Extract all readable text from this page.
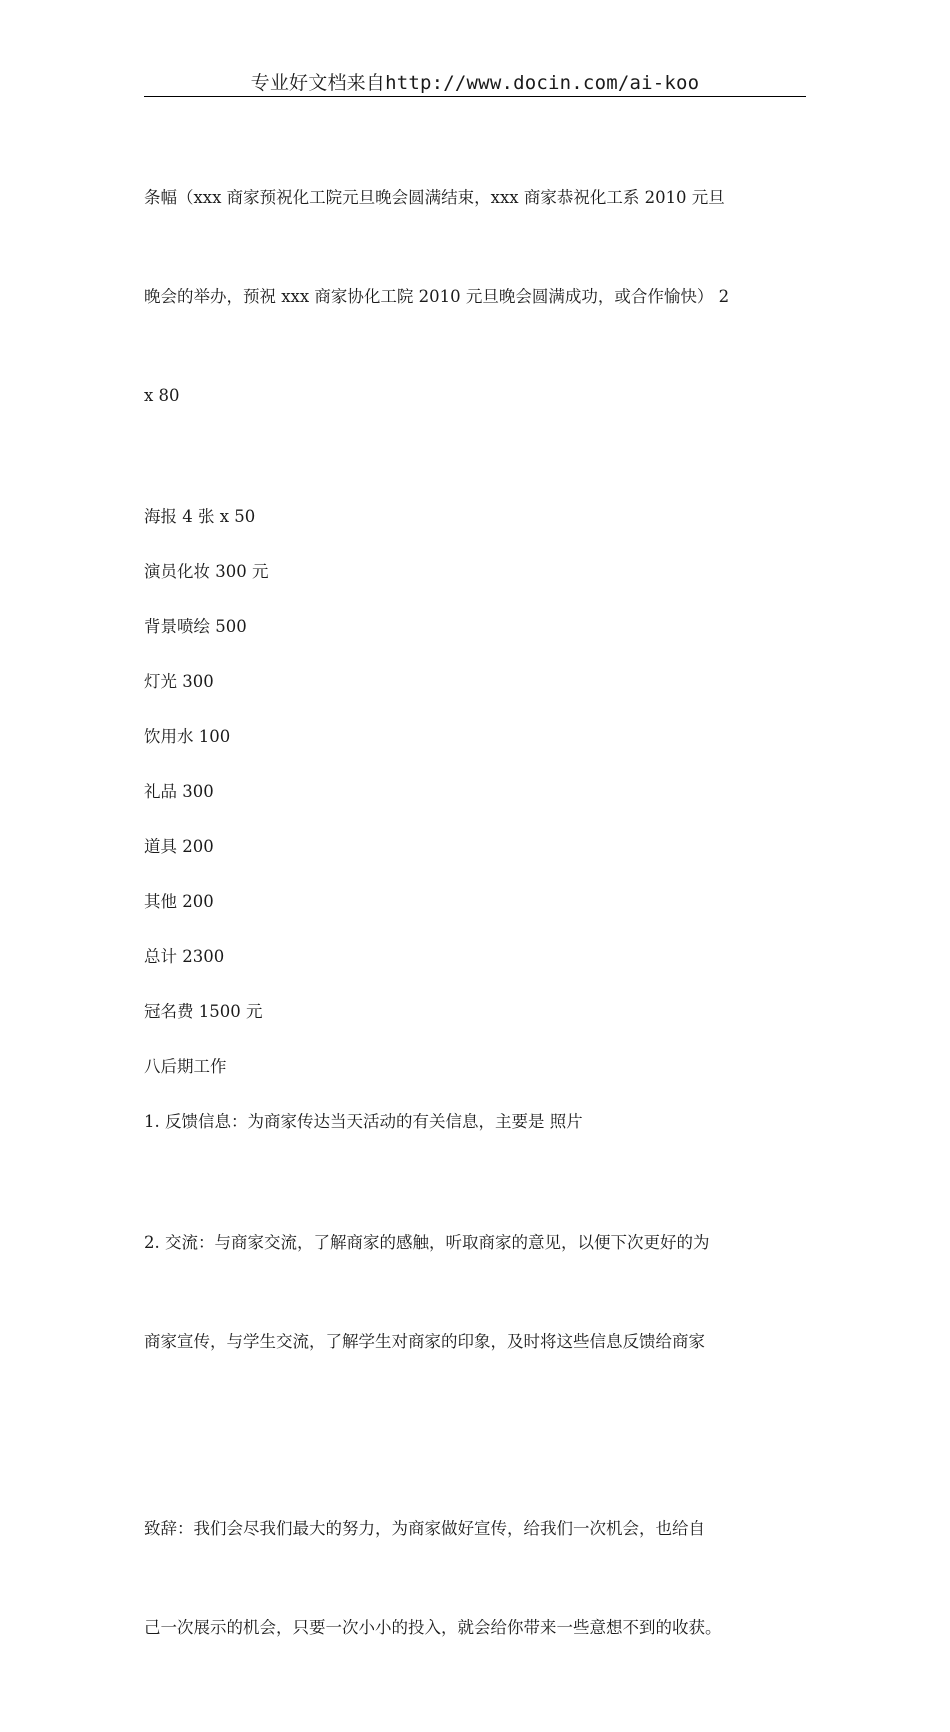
专业好文档来自http://www.docin.com/ai-koo

条幅（xxx 商家预祝化工院元旦晚会圆满结束，xxx 商家恭祝化工系 2010 元旦

晚会的举办，预祝 xxx 商家协化工院 2010 元旦晚会圆满成功，或合作愉快） 2

x 80

海报 4 张 x 50
演员化妆 300 元
背景喷绘 500
灯光 300
饮用水 100
礼品 300
道具 200
其他 200
总计 2300
冠名费 1500 元
八后期工作
1. 反馈信息：为商家传达当天活动的有关信息，主要是 照片

2. 交流：与商家交流，了解商家的感触，听取商家的意见，以便下次更好的为

商家宣传，与学生交流，了解学生对商家的印象，及时将这些信息反馈给商家

致辞：我们会尽我们最大的努力，为商家做好宣传，给我们一次机会，也给自

己一次展示的机会，只要一次小小的投入，就会给你带来一些意想不到的收获。
